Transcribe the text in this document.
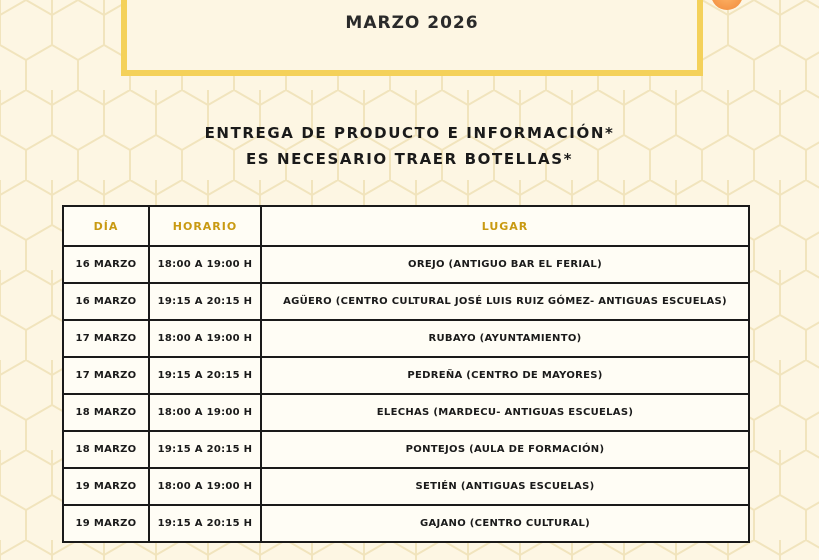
MARZO 2026
ENTREGA DE PRODUCTO E INFORMACIÓN*
ES NECESARIO TRAER BOTELLAS*
DÍA	HORARIO	LUGAR
16 MARZO	18:00 A 19:00 H	OREJO (ANTIGUO BAR EL FERIAL)
16 MARZO	19:15 A 20:15 H	AGÜERO (CENTRO CULTURAL JOSÉ LUIS RUIZ GÓMEZ- ANTIGUAS ESCUELAS)
17 MARZO	18:00 A 19:00 H	RUBAYO (AYUNTAMIENTO)
17 MARZO	19:15 A 20:15 H	PEDREÑA (CENTRO DE MAYORES)
18 MARZO	18:00 A 19:00 H	ELECHAS (MARDECU- ANTIGUAS ESCUELAS)
18 MARZO	19:15 A 20:15 H	PONTEJOS (AULA DE FORMACIÓN)
19 MARZO	18:00 A 19:00 H	SETIÉN (ANTIGUAS ESCUELAS)
19 MARZO	19:15 A 20:15 H	GAJANO (CENTRO CULTURAL)
